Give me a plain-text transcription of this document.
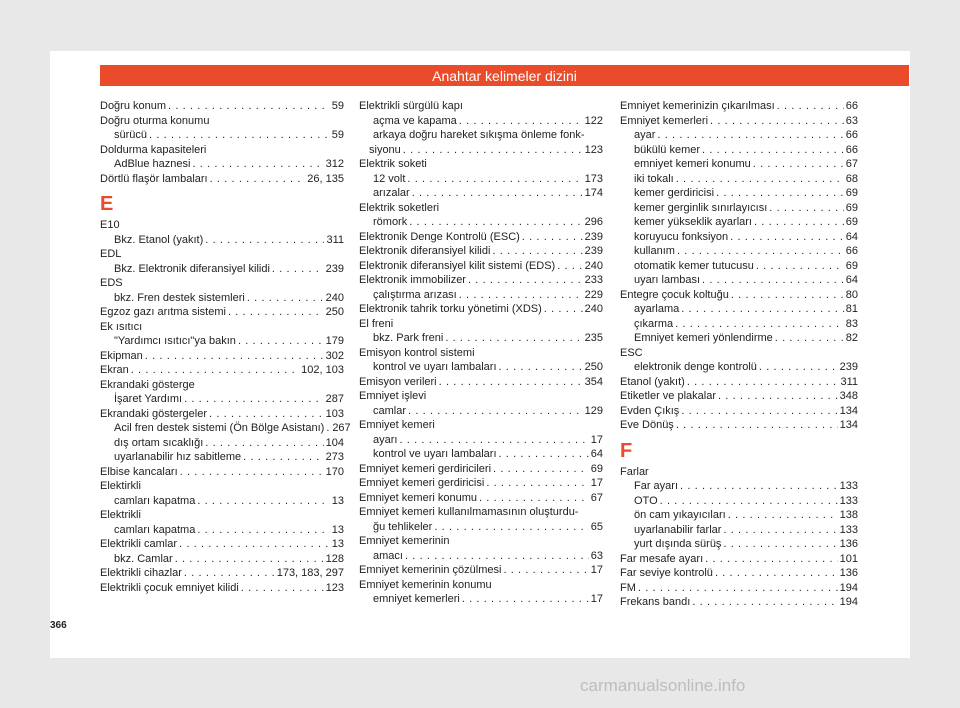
Anahtar kelimeler dizini
Doğru konum . . .	59
Doğru oturma konumu
sürücü . . .	59
Doldurma kapasiteleri
AdBlue haznesi . . .	312
Dörtlü flaşör lambaları . . .	26, 135
E
E10
Bkz. Etanol (yakıt) . . .	311
EDL
Bkz. Elektronik diferansiyel kilidi . . .	239
EDS
bkz. Fren destek sistemleri . . .	240
Egzoz gazı arıtma sistemi . . .	250
Ek ısıtıcı
"Yardımcı ısıtıcı"ya bakın . . .	179
Ekipman . . .	302
Ekran . . .	102, 103
Ekrandaki gösterge
İşaret Yardımı . . .	287
Ekrandaki göstergeler . . .	103
Acil fren destek sistemi (Ön Bölge Asistanı) . . . 267
dış ortam sıcaklığı . . .	104
uyarlanabilir hız sabitleme . . .	273
Elbise kancaları . . .	170
Elektirkli
camları kapatma . . .	13
Elektrikli
camları kapatma . . .	13
Elektrikli camlar . . .	13
bkz. Camlar . . .	128
Elektrikli cihazlar . . .	173, 183, 297
Elektrikli çocuk emniyet kilidi . . .	123
Elektrikli sürgülü kapı
açma ve kapama . . .	122
arkaya doğru hareket sıkışma önleme fonk-
siyonu . . .	123
Elektrik soketi
12 volt . . .	173
arızalar . . .	174
Elektrik soketleri
römork . . .	296
Elektronik Denge Kontrolü (ESC) . . .	239
Elektronik diferansiyel kilidi . . .	239
Elektronik diferansiyel kilit sistemi (EDS) . . .	240
Elektronik immobilizer . . .	233
çalıştırma arızası . . .	229
Elektronik tahrik torku yönetimi (XDS) . . .	240
El freni
bkz. Park freni . . .	235
Emisyon kontrol sistemi
kontrol ve uyarı lambaları . . .	250
Emisyon verileri . . .	354
Emniyet işlevi
camlar . . .	129
Emniyet kemeri
ayarı . . .	17
kontrol ve uyarı lambaları . . .	64
Emniyet kemeri gerdiricileri . . .	69
Emniyet kemeri gerdiricisi . . .	17
Emniyet kemeri konumu . . .	67
Emniyet kemeri kullanılmamasının oluşturdu-
ğu tehlikeler . . .	65
Emniyet kemerinin
amacı . . .	63
Emniyet kemerinin çözülmesi . . .	17
Emniyet kemerinin konumu
emniyet kemerleri . . .	17
Emniyet kemerinizin çıkarılması . . .	66
Emniyet kemerleri . . .	63
ayar . . .	66
bükülü kemer . . .	66
emniyet kemeri konumu . . .	67
iki tokalı . . .	68
kemer gerdiricisi . . .	69
kemer gerginlik sınırlayıcısı . . .	69
kemer yükseklik ayarları . . .	69
koruyucu fonksiyon . . .	64
kullanım . . .	66
otomatik kemer tutucusu . . .	69
uyarı lambası . . .	64
Entegre çocuk koltuğu . . .	80
ayarlama . . .	81
çıkarma . . .	83
Emniyet kemeri yönlendirme . . .	82
ESC
elektronik denge kontrolü . . .	239
Etanol (yakıt) . . .	311
Etiketler ve plakalar . . .	348
Evden Çıkış . . .	134
Eve Dönüş . . .	134
F
Farlar
Far ayarı . . .	133
OTO . . .	133
ön cam yıkayıcıları . . .	138
uyarlanabilir farlar . . .	133
yurt dışında sürüş . . .	136
Far mesafe ayarı . . .	101
Far seviye kontrolü . . .	136
FM . . .	194
Frekans bandı . . .	194
366
carmanualsonline.info
